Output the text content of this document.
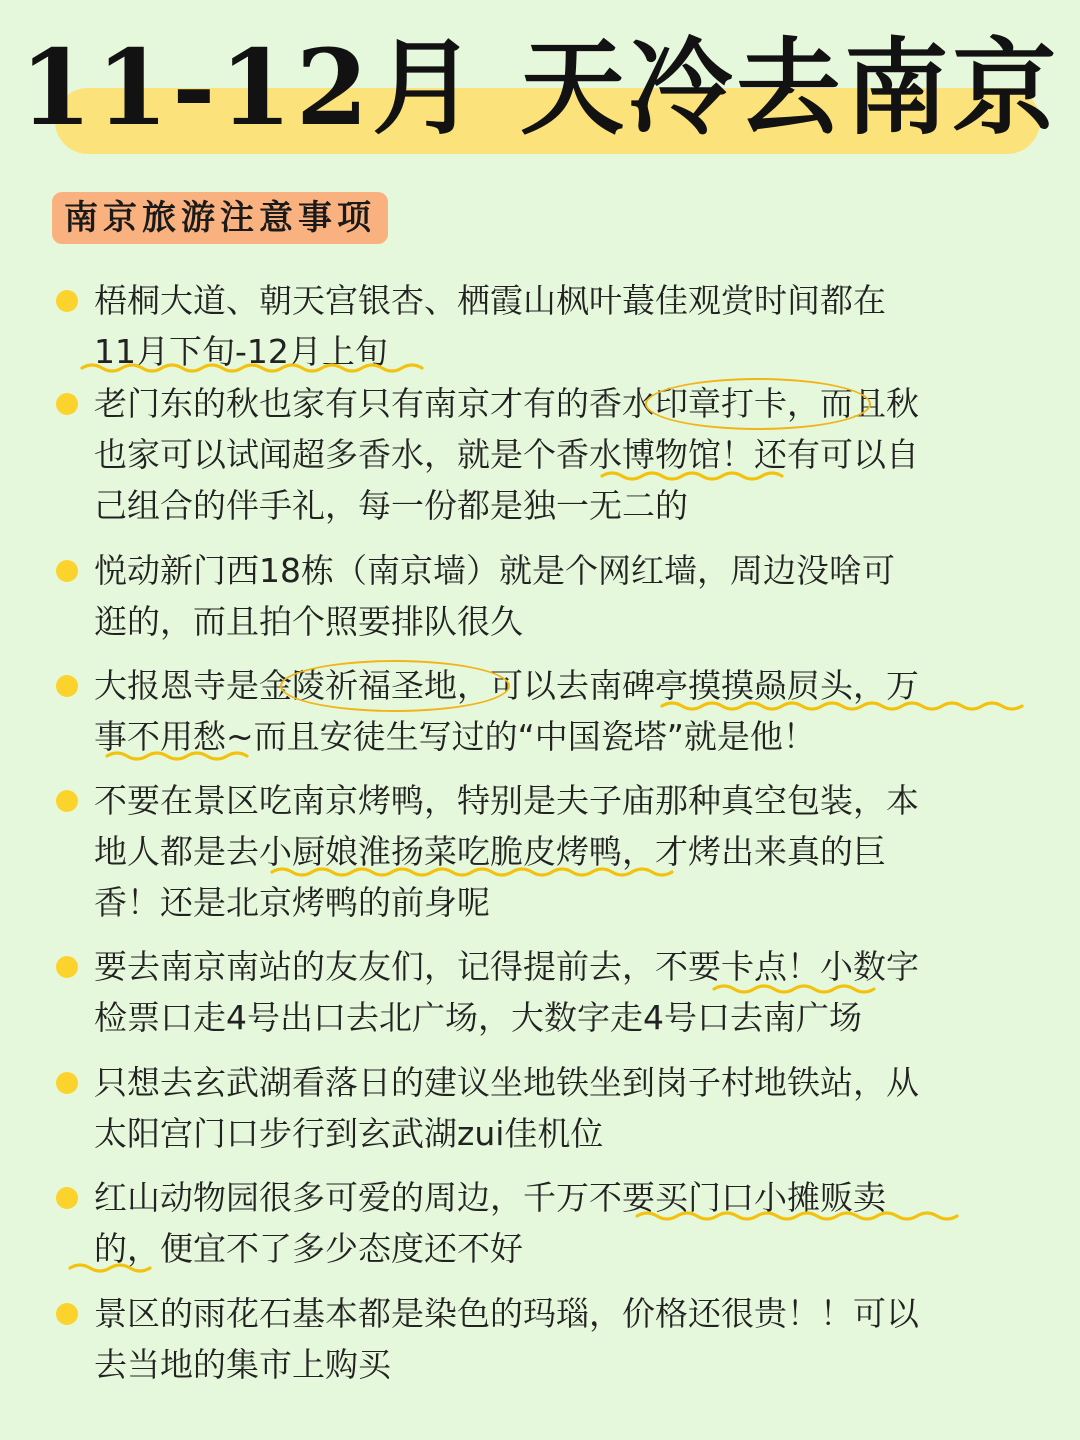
11-12月 天冷去南京
南京旅游注意事项
梧桐大道、朝天宫银杏、栖霞山枫叶蕞佳观赏时间都在
11月下旬-12月上旬
老门东的秋也家有只有南京才有的香水印章打卡，而且秋
也家可以试闻超多香水，就是个香水博物馆！还有可以自
己组合的伴手礼，每一份都是独一无二的
悦动新门西18栋（南京墙）就是个网红墙，周边没啥可
逛的，而且拍个照要排队很久
大报恩寺是金陵祈福圣地，可以去南碑亭摸摸赑屃头，万
事不用愁~而且安徒生写过的“中国瓷塔”就是他！
不要在景区吃南京烤鸭，特别是夫子庙那种真空包装，本
地人都是去小厨娘淮扬菜吃脆皮烤鸭，才烤出来真的巨
香！还是北京烤鸭的前身呢
要去南京南站的友友们，记得提前去，不要卡点！小数字
检票口走4号出口去北广场，大数字走4号口去南广场
只想去玄武湖看落日的建议坐地铁坐到岗子村地铁站，从
太阳宫门口步行到玄武湖zui佳机位
红山动物园很多可爱的周边，千万不要买门口小摊贩卖
的，便宜不了多少态度还不好
景区的雨花石基本都是染色的玛瑙，价格还很贵！！可以
去当地的集市上购买
